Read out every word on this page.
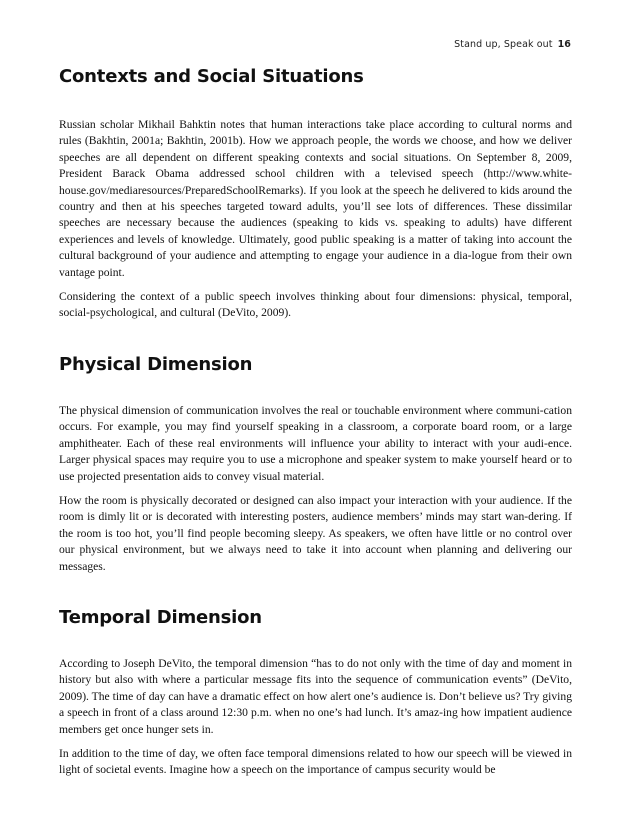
Stand up, Speak out 16
Contexts and Social Situations

Russian scholar Mikhail Bahktin notes that human interactions take place according to cultural norms and rules (Bakhtin, 2001a; Bakhtin, 2001b). How we approach people, the words we choose, and how we deliver speeches are all dependent on different speaking contexts and social situations. On September 8, 2009, President Barack Obama addressed school children with a televised speech (http://www.white-house.gov/mediaresources/PreparedSchoolRemarks). If you look at the speech he delivered to kids around the country and then at his speeches targeted toward adults, you’ll see lots of differences. These dissimilar speeches are necessary because the audiences (speaking to kids vs. speaking to adults) have different experiences and levels of knowledge. Ultimately, good public speaking is a matter of taking into account the cultural background of your audience and attempting to engage your audience in a dia-logue from their own vantage point.

Considering the context of a public speech involves thinking about four dimensions: physical, temporal, social-psychological, and cultural (DeVito, 2009).

Physical Dimension

The physical dimension of communication involves the real or touchable environment where communi-cation occurs. For example, you may find yourself speaking in a classroom, a corporate board room, or a large amphitheater. Each of these real environments will influence your ability to interact with your audi-ence. Larger physical spaces may require you to use a microphone and speaker system to make yourself heard or to use projected presentation aids to convey visual material.

How the room is physically decorated or designed can also impact your interaction with your audience. If the room is dimly lit or is decorated with interesting posters, audience members’ minds may start wan-dering. If the room is too hot, you’ll find people becoming sleepy. As speakers, we often have little or no control over our physical environment, but we always need to take it into account when planning and delivering our messages.

Temporal Dimension

According to Joseph DeVito, the temporal dimension “has to do not only with the time of day and moment in history but also with where a particular message fits into the sequence of communication events” (DeVito, 2009). The time of day can have a dramatic effect on how alert one’s audience is. Don’t believe us? Try giving a speech in front of a class around 12:30 p.m. when no one’s had lunch. It’s amaz-ing how impatient audience members get once hunger sets in.

In addition to the time of day, we often face temporal dimensions related to how our speech will be viewed in light of societal events. Imagine how a speech on the importance of campus security would be
